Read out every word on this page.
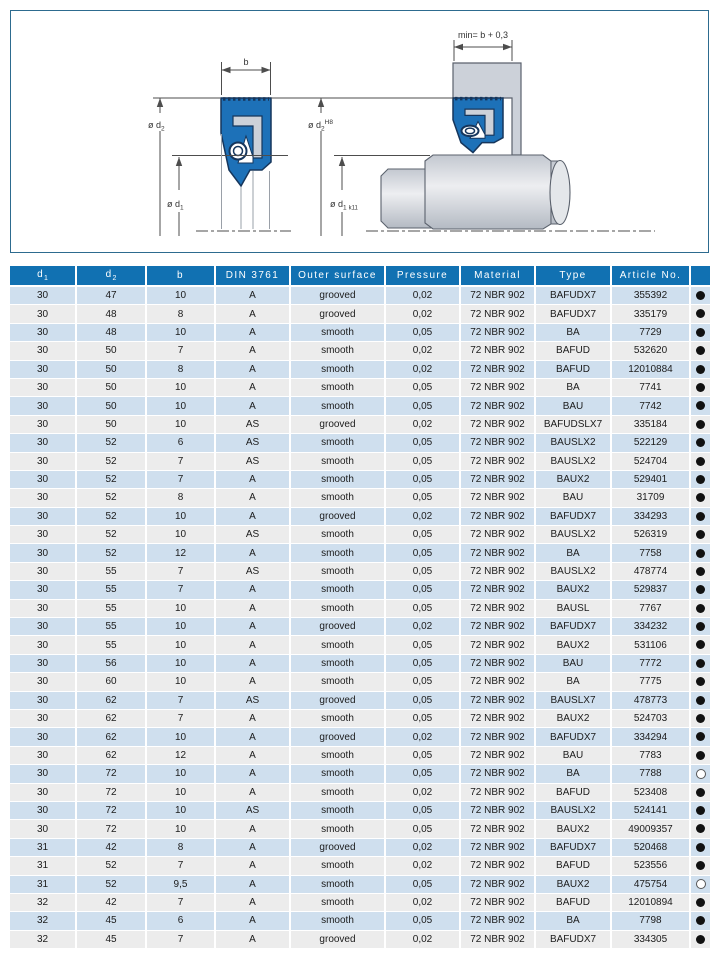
b
ø $d_2$
ø $d_1$
min= b + 0,3
ø $d_2^{H8}$
ø $d_1$ k11
$d_1$	$d_2$	b	DIN 3761	Outer surface	Pressure	Material	Type	Article No.	
30	47	10	A	grooved	0,02	72 NBR 902	BAFUDX7	355392	
30	48	8	A	grooved	0,02	72 NBR 902	BAFUDX7	335179	
30	48	10	A	smooth	0,05	72 NBR 902	BA	7729	
30	50	7	A	smooth	0,02	72 NBR 902	BAFUD	532620	
30	50	8	A	smooth	0,02	72 NBR 902	BAFUD	12010884	
30	50	10	A	smooth	0,05	72 NBR 902	BA	7741	
30	50	10	A	smooth	0,05	72 NBR 902	BAU	7742	
30	50	10	AS	grooved	0,02	72 NBR 902	BAFUDSLX7	335184	
30	52	6	AS	smooth	0,05	72 NBR 902	BAUSLX2	522129	
30	52	7	AS	smooth	0,05	72 NBR 902	BAUSLX2	524704	
30	52	7	A	smooth	0,05	72 NBR 902	BAUX2	529401	
30	52	8	A	smooth	0,05	72 NBR 902	BAU	31709	
30	52	10	A	grooved	0,02	72 NBR 902	BAFUDX7	334293	
30	52	10	AS	smooth	0,05	72 NBR 902	BAUSLX2	526319	
30	52	12	A	smooth	0,05	72 NBR 902	BA	7758	
30	55	7	AS	smooth	0,05	72 NBR 902	BAUSLX2	478774	
30	55	7	A	smooth	0,05	72 NBR 902	BAUX2	529837	
30	55	10	A	smooth	0,05	72 NBR 902	BAUSL	7767	
30	55	10	A	grooved	0,02	72 NBR 902	BAFUDX7	334232	
30	55	10	A	smooth	0,05	72 NBR 902	BAUX2	531106	
30	56	10	A	smooth	0,05	72 NBR 902	BAU	7772	
30	60	10	A	smooth	0,05	72 NBR 902	BA	7775	
30	62	7	AS	grooved	0,05	72 NBR 902	BAUSLX7	478773	
30	62	7	A	smooth	0,05	72 NBR 902	BAUX2	524703	
30	62	10	A	grooved	0,02	72 NBR 902	BAFUDX7	334294	
30	62	12	A	smooth	0,05	72 NBR 902	BAU	7783	
30	72	10	A	smooth	0,05	72 NBR 902	BA	7788	
30	72	10	A	smooth	0,02	72 NBR 902	BAFUD	523408	
30	72	10	AS	smooth	0,05	72 NBR 902	BAUSLX2	524141	
30	72	10	A	smooth	0,05	72 NBR 902	BAUX2	49009357	
31	42	8	A	grooved	0,02	72 NBR 902	BAFUDX7	520468	
31	52	7	A	smooth	0,02	72 NBR 902	BAFUD	523556	
31	52	9,5	A	smooth	0,05	72 NBR 902	BAUX2	475754	
32	42	7	A	smooth	0,02	72 NBR 902	BAFUD	12010894	
32	45	6	A	smooth	0,05	72 NBR 902	BA	7798	
32	45	7	A	grooved	0,02	72 NBR 902	BAFUDX7	334305	
